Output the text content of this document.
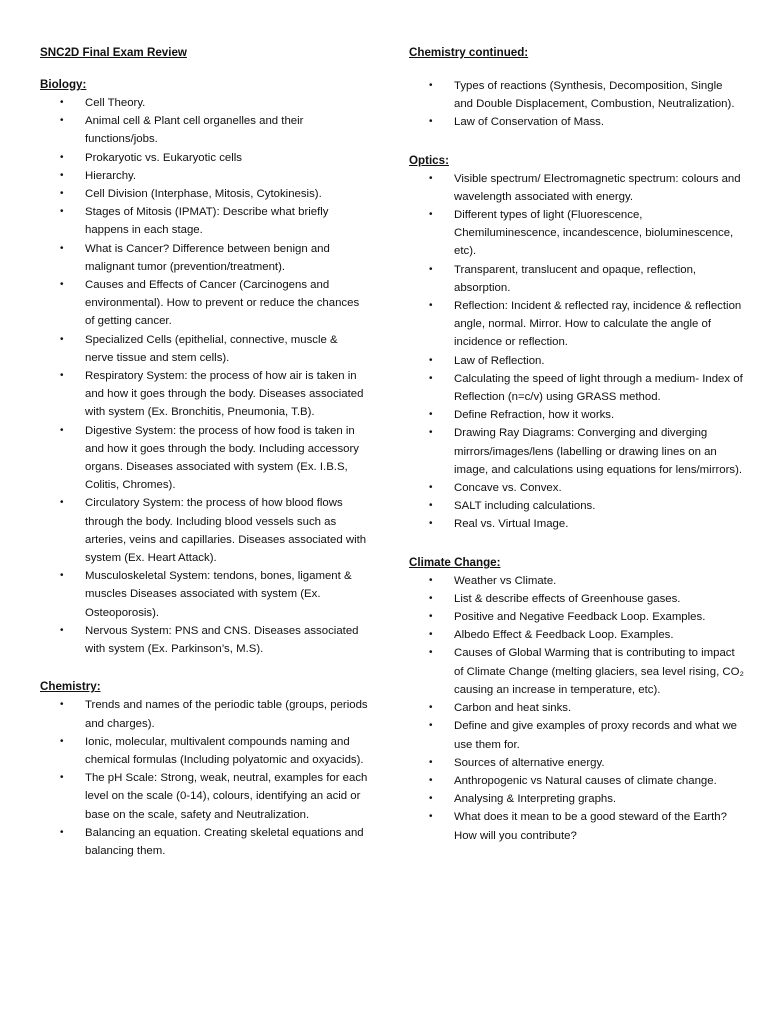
SNC2D Final Exam Review
Biology:
• Cell Theory.
• Animal cell & Plant cell organelles and their functions/jobs.
• Prokaryotic vs. Eukaryotic cells
• Hierarchy.
• Cell Division (Interphase, Mitosis, Cytokinesis).
• Stages of Mitosis (IPMAT): Describe what briefly happens in each stage.
• What is Cancer? Difference between benign and malignant tumor (prevention/treatment).
• Causes and Effects of Cancer (Carcinogens and environmental). How to prevent or reduce the chances of getting cancer.
• Specialized Cells (epithelial, connective, muscle & nerve tissue and stem cells).
• Respiratory System: the process of how air is taken in and how it goes through the body. Diseases associated with system (Ex. Bronchitis, Pneumonia, T.B).
• Digestive System: the process of how food is taken in and how it goes through the body. Including accessory organs. Diseases associated with system (Ex. I.B.S, Colitis, Chromes).
• Circulatory System: the process of how blood flows through the body. Including blood vessels such as arteries, veins and capillaries. Diseases associated with system (Ex. Heart Attack).
• Musculoskeletal System: tendons, bones, ligament & muscles Diseases associated with system (Ex. Osteoporosis).
• Nervous System: PNS and CNS. Diseases associated with system (Ex. Parkinson’s, M.S).
Chemistry:
• Trends and names of the periodic table (groups, periods and charges).
• Ionic, molecular, multivalent compounds naming and chemical formulas (Including polyatomic and oxyacids).
• The pH Scale: Strong, weak, neutral, examples for each level on the scale (0-14), colours, identifying an acid or base on the scale, safety and Neutralization.
• Balancing an equation. Creating skeletal equations and balancing them.
Chemistry continued:
• Types of reactions (Synthesis, Decomposition, Single and Double Displacement, Combustion, Neutralization).
• Law of Conservation of Mass.
Optics:
• Visible spectrum/ Electromagnetic spectrum: colours and wavelength associated with energy.
• Different types of light (Fluorescence, Chemiluminescence, incandescence, bioluminescence, etc).
• Transparent, translucent and opaque, reflection, absorption.
• Reflection: Incident & reflected ray, incidence & reflection angle, normal. Mirror. How to calculate the angle of incidence or reflection.
• Law of Reflection.
• Calculating the speed of light through a medium- Index of Reflection (n=c/v) using GRASS method.
• Define Refraction, how it works.
• Drawing Ray Diagrams: Converging and diverging mirrors/images/lens (labelling or drawing lines on an image, and calculations using equations for lens/mirrors).
• Concave vs. Convex.
• SALT including calculations.
• Real vs. Virtual Image.
Climate Change:
• Weather vs Climate.
• List & describe effects of Greenhouse gases.
• Positive and Negative Feedback Loop. Examples.
• Albedo Effect & Feedback Loop. Examples.
• Causes of Global Warming that is contributing to impact of Climate Change (melting glaciers, sea level rising, CO₂ causing an increase in temperature, etc).
• Carbon and heat sinks.
• Define and give examples of proxy records and what we use them for.
• Sources of alternative energy.
• Anthropogenic vs Natural causes of climate change.
• Analysing & Interpreting graphs.
• What does it mean to be a good steward of the Earth? How will you contribute?
